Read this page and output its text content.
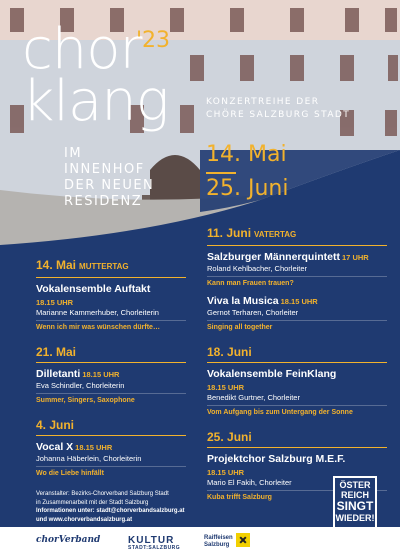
chor
klang
'23
IM
INNENHOF
DER NEUEN
RESIDENZ
KONZERTREIHE DER
CHÖRE SALZBURG STADT
14. Mai
25. Juni
14. Mai MUTTERTAG
Vokalensemble Auftakt
18.15 UHR
Marianne Kammerhuber, Chorleiterin
Wenn ich mir was wünschen dürfte…
21. Mai
Dilletanti 18.15 UHR
Eva Schindler, Chorleiterin
Summer, Singers, Saxophone
4. Juni
Vocal X 18.15 UHR
Johanna Häberlein, Chorleiterin
Wo die Liebe hinfällt
11. Juni VATERTAG
Salzburger Männerquintett 17 UHR
Roland Kehlbacher, Chorleiter
Kann man Frauen trauen?
Viva la Musica 18.15 UHR
Gernot Terharen, Chorleiter
Singing all together
18. Juni
Vokalensemble FeinKlang
18.15 UHR
Benedikt Gurtner, Chorleiter
Vom Aufgang bis zum Untergang der Sonne
25. Juni
Projektchor Salzburg M.E.F.
18.15 UHR
Mario El Fakih, Chorleiter
Kuba trifft Salzburg
Veranstalter: Bezirks-Chorverband Salzburg Stadt
in Zusammenarbeit mit der Stadt Salzburg
Informationen unter: stadt@chorverbandsalzburg.at
und www.chorverbandsalzburg.at
ÖSTER
REICH
SINGT
WIEDER!
chorVerband	KULTUR
STADT:SALZBURG
Raiffeisen Salzburg
